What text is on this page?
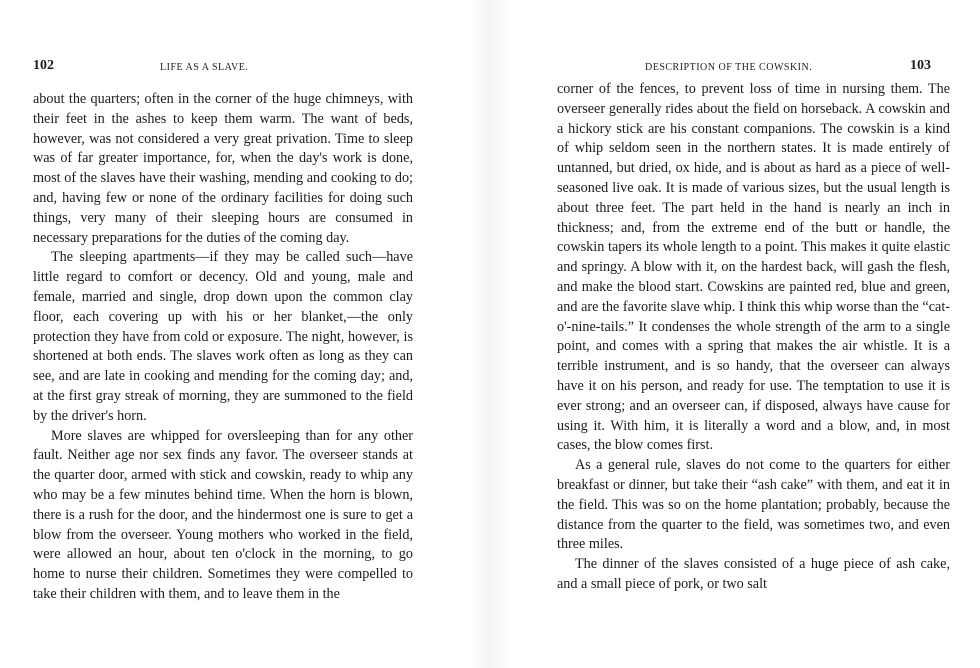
102	LIFE AS A SLAVE.

about the quarters; often in the corner of the huge chimneys, with their feet in the ashes to keep them warm. The want of beds, however, was not considered a very great privation. Time to sleep was of far greater importance, for, when the day's work is done, most of the slaves have their washing, mending and cooking to do; and, having few or none of the ordinary facilities for doing such things, very many of their sleeping hours are consumed in necessary preparations for the duties of the coming day.

The sleeping apartments—if they may be called such—have little regard to comfort or decency. Old and young, male and female, married and single, drop down upon the common clay floor, each covering up with his or her blanket,—the only protection they have from cold or exposure. The night, however, is shortened at both ends. The slaves work often as long as they can see, and are late in cooking and mending for the coming day; and, at the first gray streak of morning, they are summoned to the field by the driver's horn.

More slaves are whipped for oversleeping than for any other fault. Neither age nor sex finds any favor. The overseer stands at the quarter door, armed with stick and cowskin, ready to whip any who may be a few minutes behind time. When the horn is blown, there is a rush for the door, and the hindermost one is sure to get a blow from the overseer. Young mothers who worked in the field, were allowed an hour, about ten o'clock in the morning, to go home to nurse their children. Sometimes they were compelled to take their children with them, and to leave them in the

DESCRIPTION OF THE COWSKIN.	103

corner of the fences, to prevent loss of time in nursing them. The overseer generally rides about the field on horseback. A cowskin and a hickory stick are his constant companions. The cowskin is a kind of whip seldom seen in the northern states. It is made entirely of untanned, but dried, ox hide, and is about as hard as a piece of well-seasoned live oak. It is made of various sizes, but the usual length is about three feet. The part held in the hand is nearly an inch in thickness; and, from the extreme end of the butt or handle, the cowskin tapers its whole length to a point. This makes it quite elastic and springy. A blow with it, on the hardest back, will gash the flesh, and make the blood start. Cowskins are painted red, blue and green, and are the favorite slave whip. I think this whip worse than the “cat-o'-nine-tails.” It condenses the whole strength of the arm to a single point, and comes with a spring that makes the air whistle. It is a terrible instrument, and is so handy, that the overseer can always have it on his person, and ready for use. The temptation to use it is ever strong; and an overseer can, if disposed, always have cause for using it. With him, it is literally a word and a blow, and, in most cases, the blow comes first.

As a general rule, slaves do not come to the quarters for either breakfast or dinner, but take their “ash cake” with them, and eat it in the field. This was so on the home plantation; probably, because the distance from the quarter to the field, was sometimes two, and even three miles.

The dinner of the slaves consisted of a huge piece of ash cake, and a small piece of pork, or two salt
